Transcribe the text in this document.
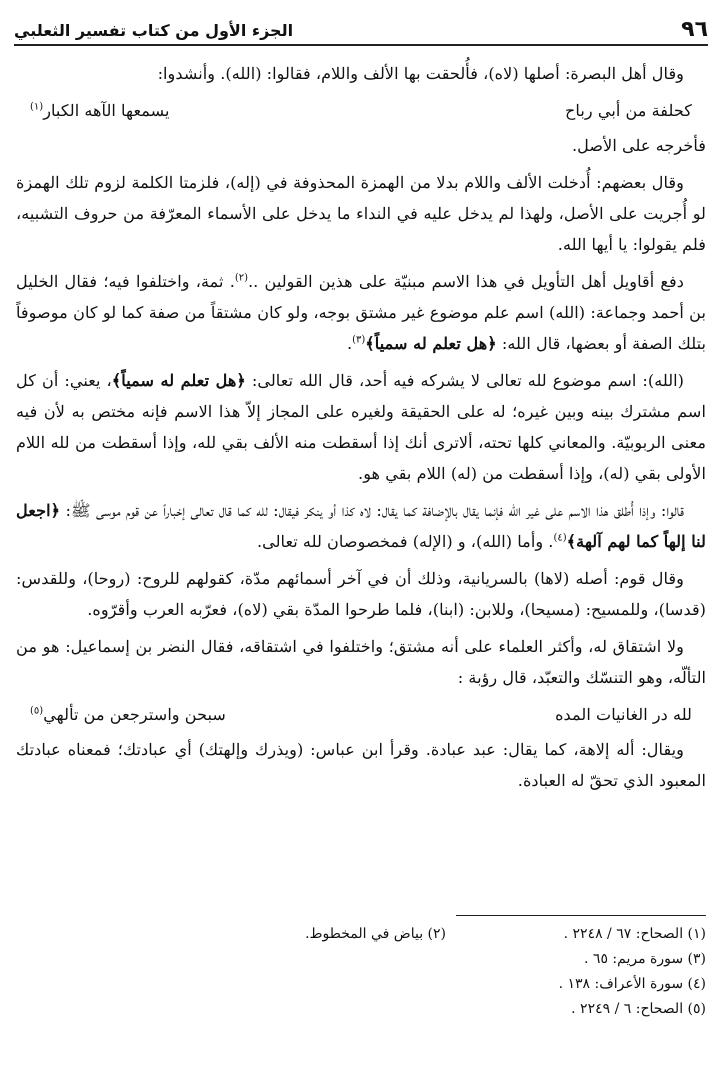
٩٦
الجزء الأول من كتاب تفسير الثعلبي

وقال أهل البصرة: أصلها (لاه)، فأُلحقت بها الألف واللام، فقالوا: (الله). وأنشدوا:

كحلفة من أبي رباح
يسمعها الآهه الكبار$^{(١)}$

فأخرجه على الأصل.

وقال بعضهم: أُدخلت الألف واللام بدلا من الهمزة المحذوفة في (إله)، فلزمتا الكلمة لزوم تلك الهمزة لو أُجريت على الأصل، ولهذا لم يدخل عليه في النداء ما يدخل على الأسماء المعرّفة من حروف التشبيه، فلم يقولوا: يا أيها الله.

دفع أقاويل أهل التأويل في هذا الاسم مبنيّة على هذين القولين ..$^{(٢)}$. ثمة، واختلفوا فيه؛ فقال الخليل بن أحمد وجماعة: (الله) اسم علم موضوع غير مشتق بوجه، ولو كان مشتقاً من صفة كما لو كان موصوفاً بتلك الصفة أو بعضها، قال الله: ﴿هل تعلم له سمياً﴾$^{(٣)}$.

(الله): اسم موضوع لله تعالى لا يشركه فيه أحد، قال الله تعالى: ﴿هل تعلم له سمياً﴾، يعني: أن كل اسم مشترك بينه وبين غيره؛ له على الحقيقة ولغيره على المجاز إلاّ هذا الاسم فإنه مختص به لأن فيه معنى الربوبيّة. والمعاني كلها تحته، ألاترى أنك إذا أسقطت منه الألف بقي لله، وإذا أسقطت من لله اللام الأولى بقي (له)، وإذا أسقطت من (له) اللام بقي هو.

قالوا: وإذا أُطلق هذا الاسم على غير الله فإنما يقال بالإضافة كما يقال: لاه كذا أو ينكر فيقال: لله كما قال تعالى إخباراً عن قوم موسى ﷺ: ﴿اجعل لنا إلهاً كما لهم آلهة﴾$^{(٤)}$. وأما (الله)، و (الإله) فمخصوصان لله تعالى.

وقال قوم: أصله (لاها) بالسريانية، وذلك أن في آخر أسمائهم مدّة، كقولهم للروح: (روحا)، وللقدس: (قدسا)، وللمسيح: (مسيحا)، وللابن: (ابنا)، فلما طرحوا المدّة بقي (لاه)، فعرّبه العرب وأقرّوه.

ولا اشتقاق له، وأكثر العلماء على أنه مشتق؛ واختلفوا في اشتقاقه، فقال النضر بن إسماعيل: هو من التألّه، وهو التنسّك والتعبّد، قال رؤبة :

لله در الغانيات المده
سبحن واسترجعن من تألهي$^{(٥)}$

ويقال: أله إلاهة، كما يقال: عبد عبادة. وقرأ ابن عباس: (ويذرك وإلهتك) أي عبادتك؛ فمعناه عبادتك المعبود الذي تحقّ له العبادة.

(١) الصحاح: ٦٧ / ٢٢٤٨ .
(٢) بياض في المخطوط.
(٣) سورة مريم: ٦٥ .
(٤) سورة الأعراف: ١٣٨ .
(٥) الصحاح: ٦ / ٢٢٤٩ .
